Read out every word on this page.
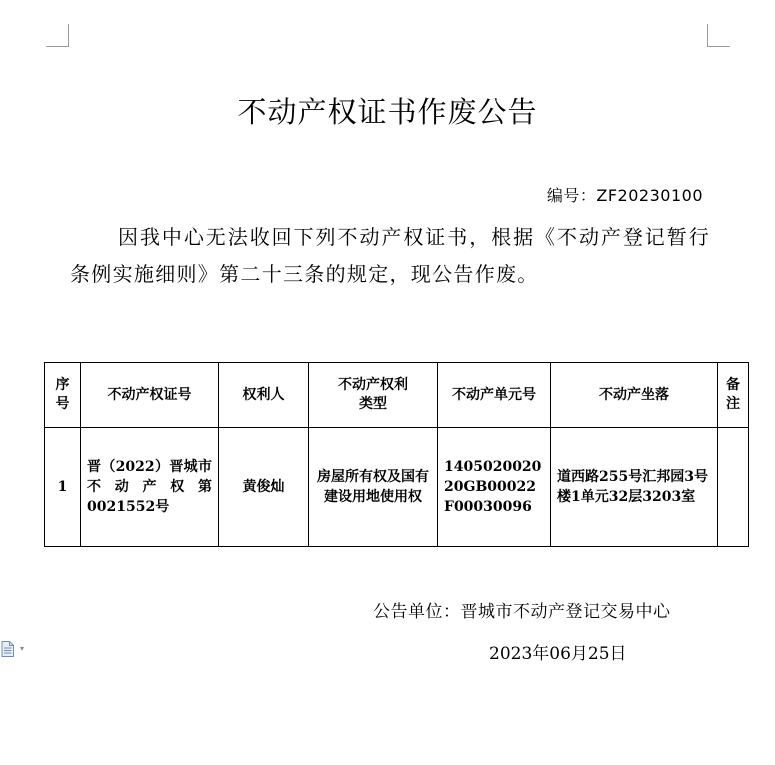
不动产权证书作废公告
编号：ZF20230100
因我中心无法收回下列不动产权证书，根据《不动产登记暂行条例实施细则》第二十三条的规定，现公告作废。
序号	不动产权证号	权利人	不动产权利类型	不动产单元号	不动产坐落	备注
1	晋（2022）晋城市不动产权第0021552号	黄俊灿	房屋所有权及国有建设用地使用权	140502002020GB00022F00030096	道西路255号汇邦园3号楼1单元32层3203室	
公告单位：晋城市不动产登记交易中心
2023年06月25日
▾
